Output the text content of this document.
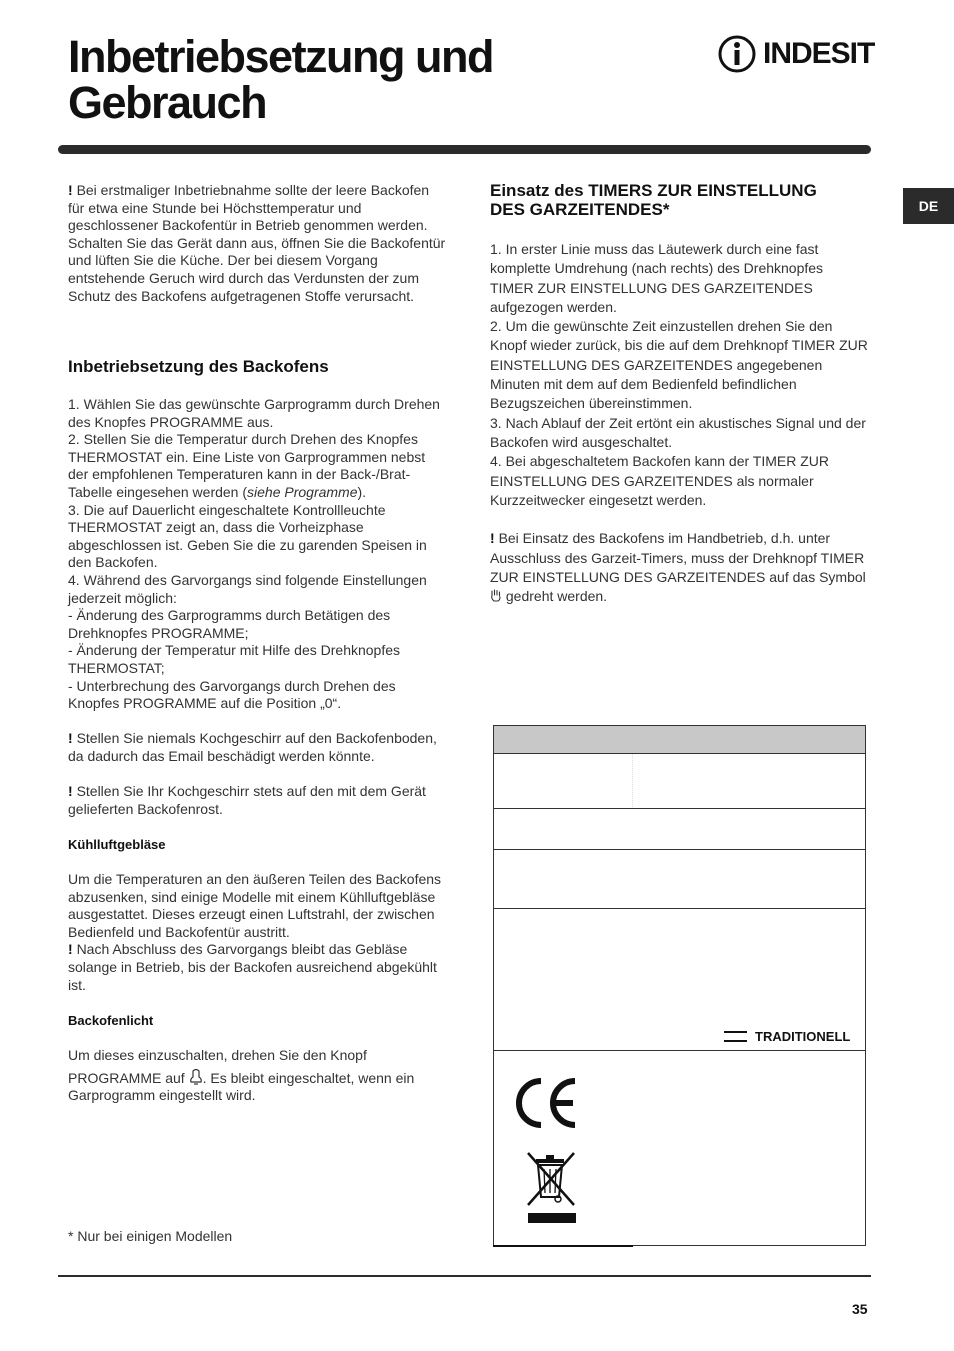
Inbetriebsetzung und
Gebrauch
INDESIT
DE

! Bei erstmaliger Inbetriebnahme sollte der leere Backofen für etwa eine Stunde bei Höchsttemperatur und geschlossener Backofentür in Betrieb genommen werden. Schalten Sie das Gerät dann aus, öffnen Sie die Backofentür und lüften Sie die Küche. Der bei diesem Vorgang entstehende Geruch wird durch das Verdunsten der zum Schutz des Backofens aufgetragenen Stoffe verursacht.

Inbetriebsetzung des Backofens

1. Wählen Sie das gewünschte Garprogramm durch Drehen des Knopfes PROGRAMME aus.

2. Stellen Sie die Temperatur durch Drehen des Knopfes THERMOSTAT ein. Eine Liste von Garprogrammen nebst der empfohlenen Temperaturen kann in der Back-/Brat-Tabelle eingesehen werden (siehe Programme).

3. Die auf Dauerlicht eingeschaltete Kontrollleuchte THERMOSTAT zeigt an, dass die Vorheizphase abgeschlossen ist. Geben Sie die zu garenden Speisen in den Backofen.

4. Während des Garvorgangs sind folgende Einstellungen jederzeit möglich:

- Änderung des Garprogramms durch Betätigen des Drehknopfes PROGRAMME;

- Änderung der Temperatur mit Hilfe des Drehknopfes THERMOSTAT;

- Unterbrechung des Garvorgangs durch Drehen des Knopfes PROGRAMME auf die Position „0“.

! Stellen Sie niemals Kochgeschirr auf den Backofenboden, da dadurch das Email beschädigt werden könnte.

! Stellen Sie Ihr Kochgeschirr stets auf den mit dem Gerät gelieferten Backofenrost.

Kühlluftgebläse

Um die Temperaturen an den äußeren Teilen des Backofens abzusenken, sind einige Modelle mit einem Kühlluftgebläse ausgestattet. Dieses erzeugt einen Luftstrahl, der zwischen Bedienfeld und Backofentür austritt.

! Nach Abschluss des Garvorgangs bleibt das Gebläse solange in Betrieb, bis der Backofen ausreichend abgekühlt ist.

Backofenlicht

Um dieses einzuschalten, drehen Sie den Knopf

PROGRAMME auf . Es bleibt eingeschaltet, wenn ein Garprogramm eingestellt wird.

* Nur bei einigen Modellen
Einsatz des TIMERS ZUR EINSTELLUNG
DES GARZEITENDES*

1. In erster Linie muss das Läutewerk durch eine fast komplette Umdrehung (nach rechts) des Drehknopfes TIMER ZUR EINSTELLUNG DES GARZEITENDES aufgezogen werden.

2. Um die gewünschte Zeit einzustellen drehen Sie den Knopf wieder zurück, bis die auf dem Drehknopf TIMER ZUR EINSTELLUNG DES GARZEITENDES angegebenen Minuten mit dem auf dem Bedienfeld befindlichen Bezugszeichen übereinstimmen.

3. Nach Ablauf der Zeit ertönt ein akustisches Signal und der Backofen wird ausgeschaltet.

4. Bei abgeschaltetem Backofen kann der TIMER ZUR EINSTELLUNG DES GARZEITENDES als normaler Kurzzeitwecker eingesetzt werden.

! Bei Einsatz des Backofens im Handbetrieb, d.h. unter Ausschluss des Garzeit-Timers, muss der Drehknopf TIMER ZUR EINSTELLUNG DES GARZEITENDES auf das Symbol  gedreht werden.

TRADITIONELL
35
